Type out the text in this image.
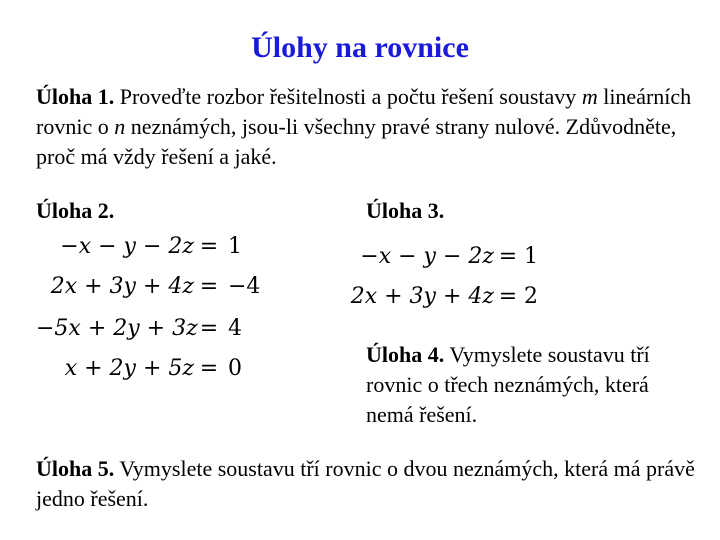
Úlohy na rovnice
Úloha 1. Proveďte rozbor řešitelnosti a počtu řešení soustavy m lineárních rovnic o n neznámých, jsou-li všechny pravé strany nulové. Zdůvodněte, proč má vždy řešení a jaké.
Úloha 2.	Úloha 3.
−x − y − 2z = 1
2x + 3y + 4z = −4
−5x + 2y + 3z = 4
x + 2y + 5z = 0
−x − y − 2z = 1
2x + 3y + 4z = 2
Úloha 4. Vymyslete soustavu tří rovnic o třech neznámých, která nemá řešení.
Úloha 5. Vymyslete soustavu tří rovnic o dvou neznámých, která má právě jedno řešení.
